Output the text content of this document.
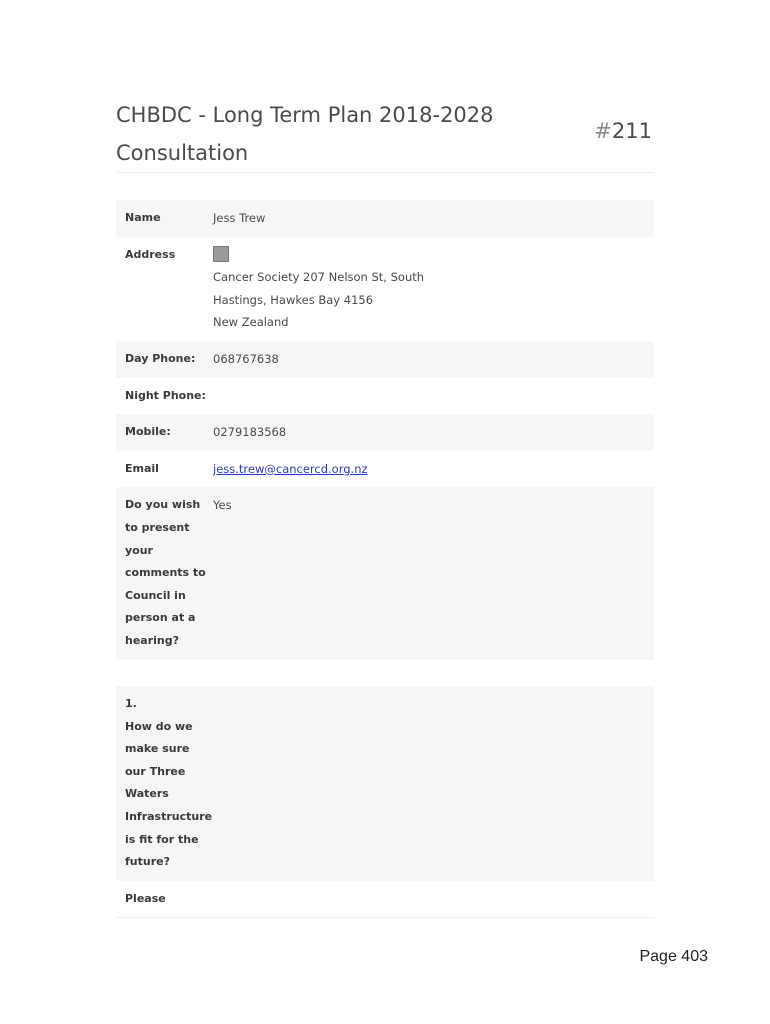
CHBDC - Long Term Plan 2018-2028 Consultation
#211
Name	Jess Trew
Address	Cancer Society 207 Nelson St, South
Hastings, Hawkes Bay 4156
New Zealand

Day Phone:	068767638
Night Phone:	
Mobile:	0279183568
Email	jess.trew@cancercd.org.nz
Do you wish to present your comments to Council in person at a hearing?	Yes
1.
How do we make sure our Three Waters Infrastructure is fit for the future?	

Please	
Page 403
